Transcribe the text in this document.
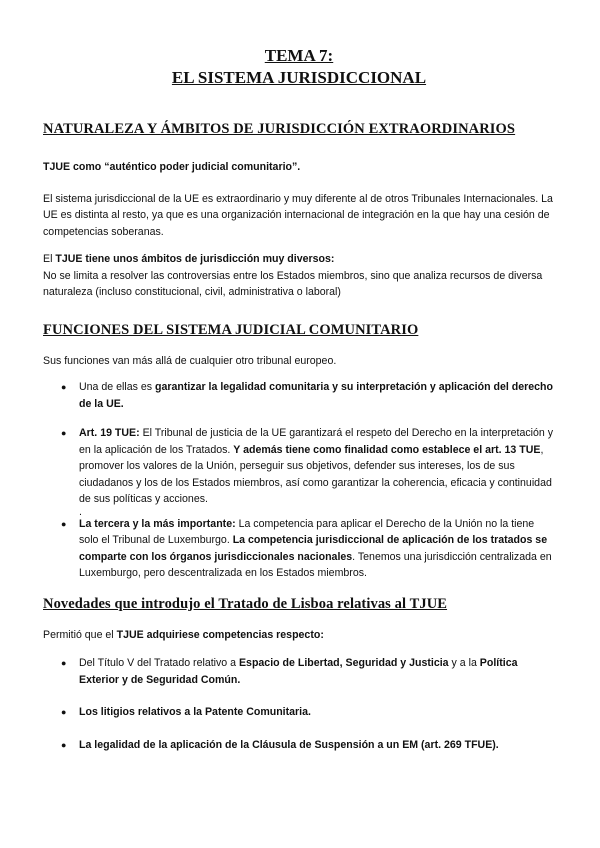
TEMA 7:
EL SISTEMA JURISDICCIONAL
NATURALEZA Y ÁMBITOS DE JURISDICCIÓN EXTRAORDINARIOS

TJUE como “auténtico poder judicial comunitario”.

El sistema jurisdiccional de la UE es extraordinario y muy diferente al de otros Tribunales Internacionales. La UE es distinta al resto, ya que es una organización internacional de integración en la que hay una cesión de competencias soberanas.

El TJUE tiene unos ámbitos de jurisdicción muy diversos:
No se limita a resolver las controversias entre los Estados miembros, sino que analiza recursos de diversa naturaleza (incluso constitucional, civil, administrativa o laboral)

FUNCIONES DEL SISTEMA JUDICIAL COMUNITARIO

Sus funciones van más allá de cualquier otro tribunal europeo.

● Una de ellas es garantizar la legalidad comunitaria y su interpretación y aplicación del derecho de la UE.
● Art. 19 TUE: El Tribunal de justicia de la UE garantizará el respeto del Derecho en la interpretación y en la aplicación de los Tratados. Y además tiene como finalidad como establece el art. 13 TUE, promover los valores de la Unión, perseguir sus objetivos, defender sus intereses, los de sus ciudadanos y los de los Estados miembros, así como garantizar la coherencia, eficacia y continuidad de sus políticas y acciones.
.
● La tercera y la más importante: La competencia para aplicar el Derecho de la Unión no la tiene solo el Tribunal de Luxemburgo. La competencia jurisdiccional de aplicación de los tratados se comparte con los órganos jurisdiccionales nacionales. Tenemos una jurisdicción centralizada en Luxemburgo, pero descentralizada en los Estados miembros.
Novedades que introdujo el Tratado de Lisboa relativas al TJUE

Permitió que el TJUE adquiriese competencias respecto:

● Del Título V del Tratado relativo a Espacio de Libertad, Seguridad y Justicia y a la Política Exterior y de Seguridad Común.
● Los litigios relativos a la Patente Comunitaria.
● La legalidad de la aplicación de la Cláusula de Suspensión a un EM (art. 269 TFUE).
